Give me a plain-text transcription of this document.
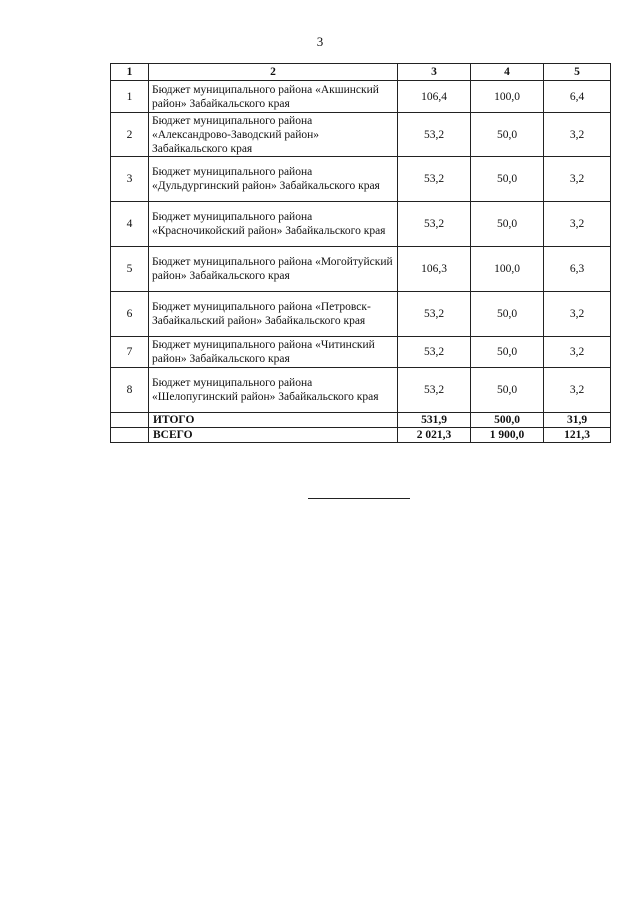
3
1	2	3	4	5
1	Бюджет муниципального района «Акшинский район» Забайкальского края	106,4	100,0	6,4
2	Бюджет муниципального района «Александрово-Заводский район» Забайкальского края	53,2	50,0	3,2
3	Бюджет муниципального района «Дульдургинский район» Забайкальского края	53,2	50,0	3,2
4	Бюджет муниципального района «Красночикойский район» Забайкальского края	53,2	50,0	3,2
5	Бюджет муниципального района «Могойтуйский район» Забайкальского края	106,3	100,0	6,3
6	Бюджет муниципального района «Петровск-Забайкальский район» Забайкальского края	53,2	50,0	3,2
7	Бюджет муниципального района «Читинский район» Забайкальского края	53,2	50,0	3,2
8	Бюджет муниципального района «Шелопугинский район» Забайкальского края	53,2	50,0	3,2
	ИТОГО	531,9	500,0	31,9
	ВСЕГО	2 021,3	1 900,0	121,3
